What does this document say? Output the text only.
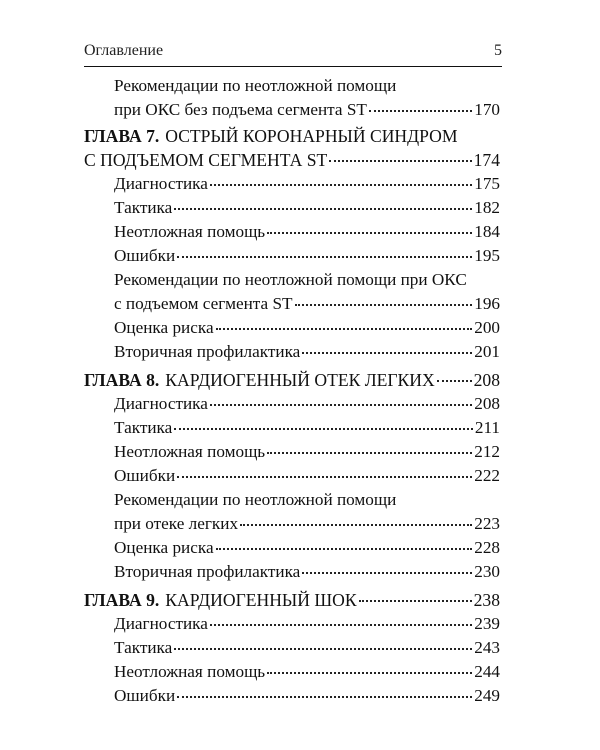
Оглавление	5
Рекомендации по неотложной помощи
при ОКС без подъема сегмента ST	170
ГЛАВА 7. ОСТРЫЙ КОРОНАРНЫЙ СИНДРОМ
С ПОДЪЕМОМ СЕГМЕНТА ST	174
Диагностика	175
Тактика	182
Неотложная помощь	184
Ошибки	195
Рекомендации по неотложной помощи при ОКС
с подъемом сегмента ST	196
Оценка риска	200
Вторичная профилактика	201
ГЛАВА 8. КАРДИОГЕННЫЙ ОТЕК ЛЕГКИХ 208
Диагностика	208
Тактика	211
Неотложная помощь	212
Ошибки	222
Рекомендации по неотложной помощи
при отеке легких	223
Оценка риска	228
Вторичная профилактика	230
ГЛАВА 9. КАРДИОГЕННЫЙ ШОК	238
Диагностика	239
Тактика	243
Неотложная помощь	244
Ошибки	249
